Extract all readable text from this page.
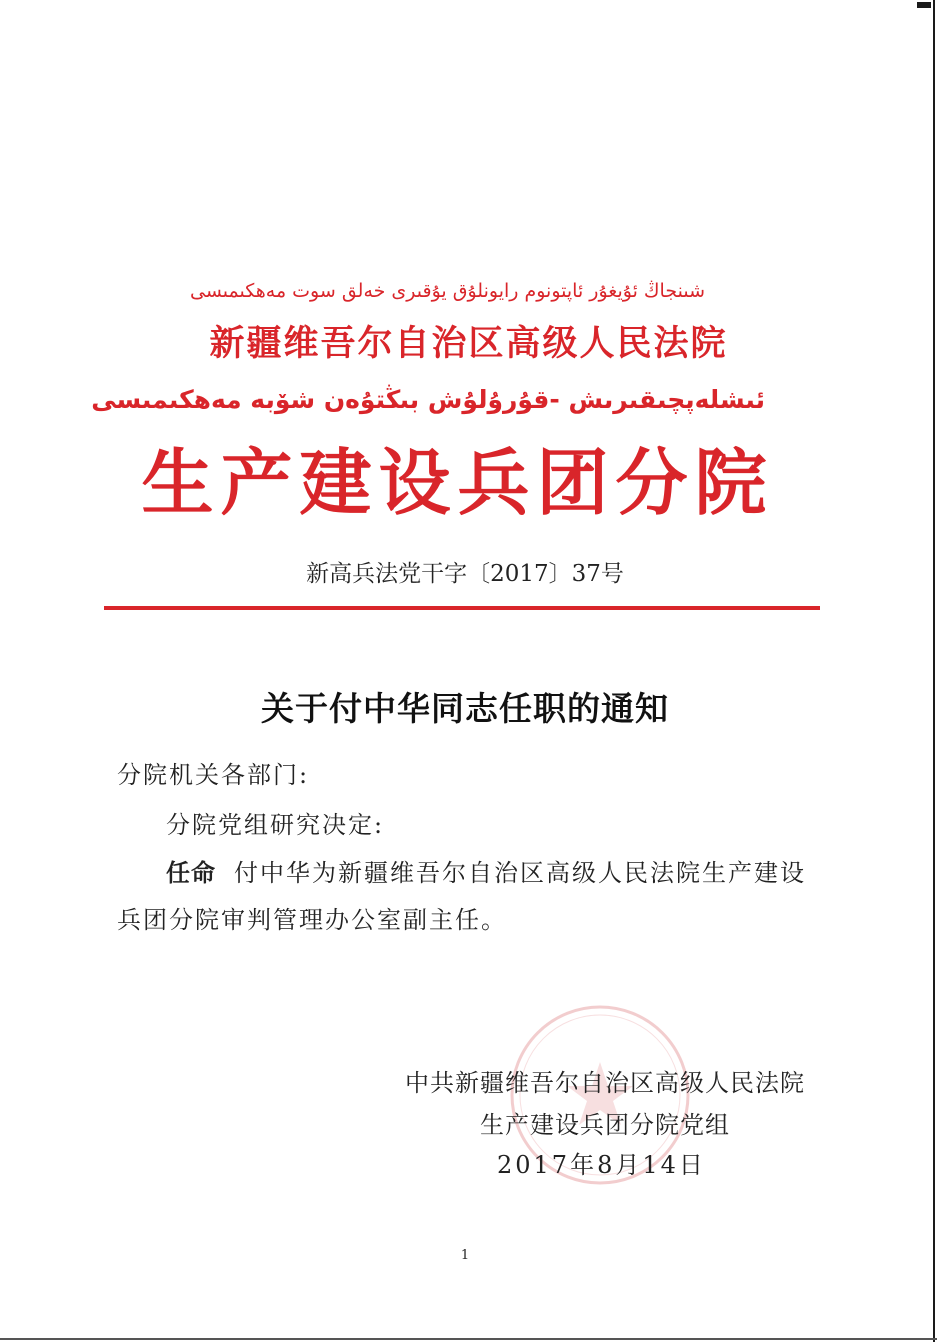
شىنجاڭ ئۇيغۇر ئاپتونوم رايونلۇق يۇقىرى خەلق سوت مەھكىمىسى
新疆维吾尔自治区高级人民法院
ئىشلەپچىقىرىش -قۇرۇلۇش بىڭتۇەن شۆبە مەھكىمىسى
生产建设兵团分院
新高兵法党干字〔2017〕37号
关于付中华同志任职的通知
分院机关各部门:
分院党组研究决定:
任命 付中华为新疆维吾尔自治区高级人民法院生产建设
兵团分院审判管理办公室副主任。
中共新疆维吾尔自治区高级人民法院
生产建设兵团分院党组
2017年8月14日
1
